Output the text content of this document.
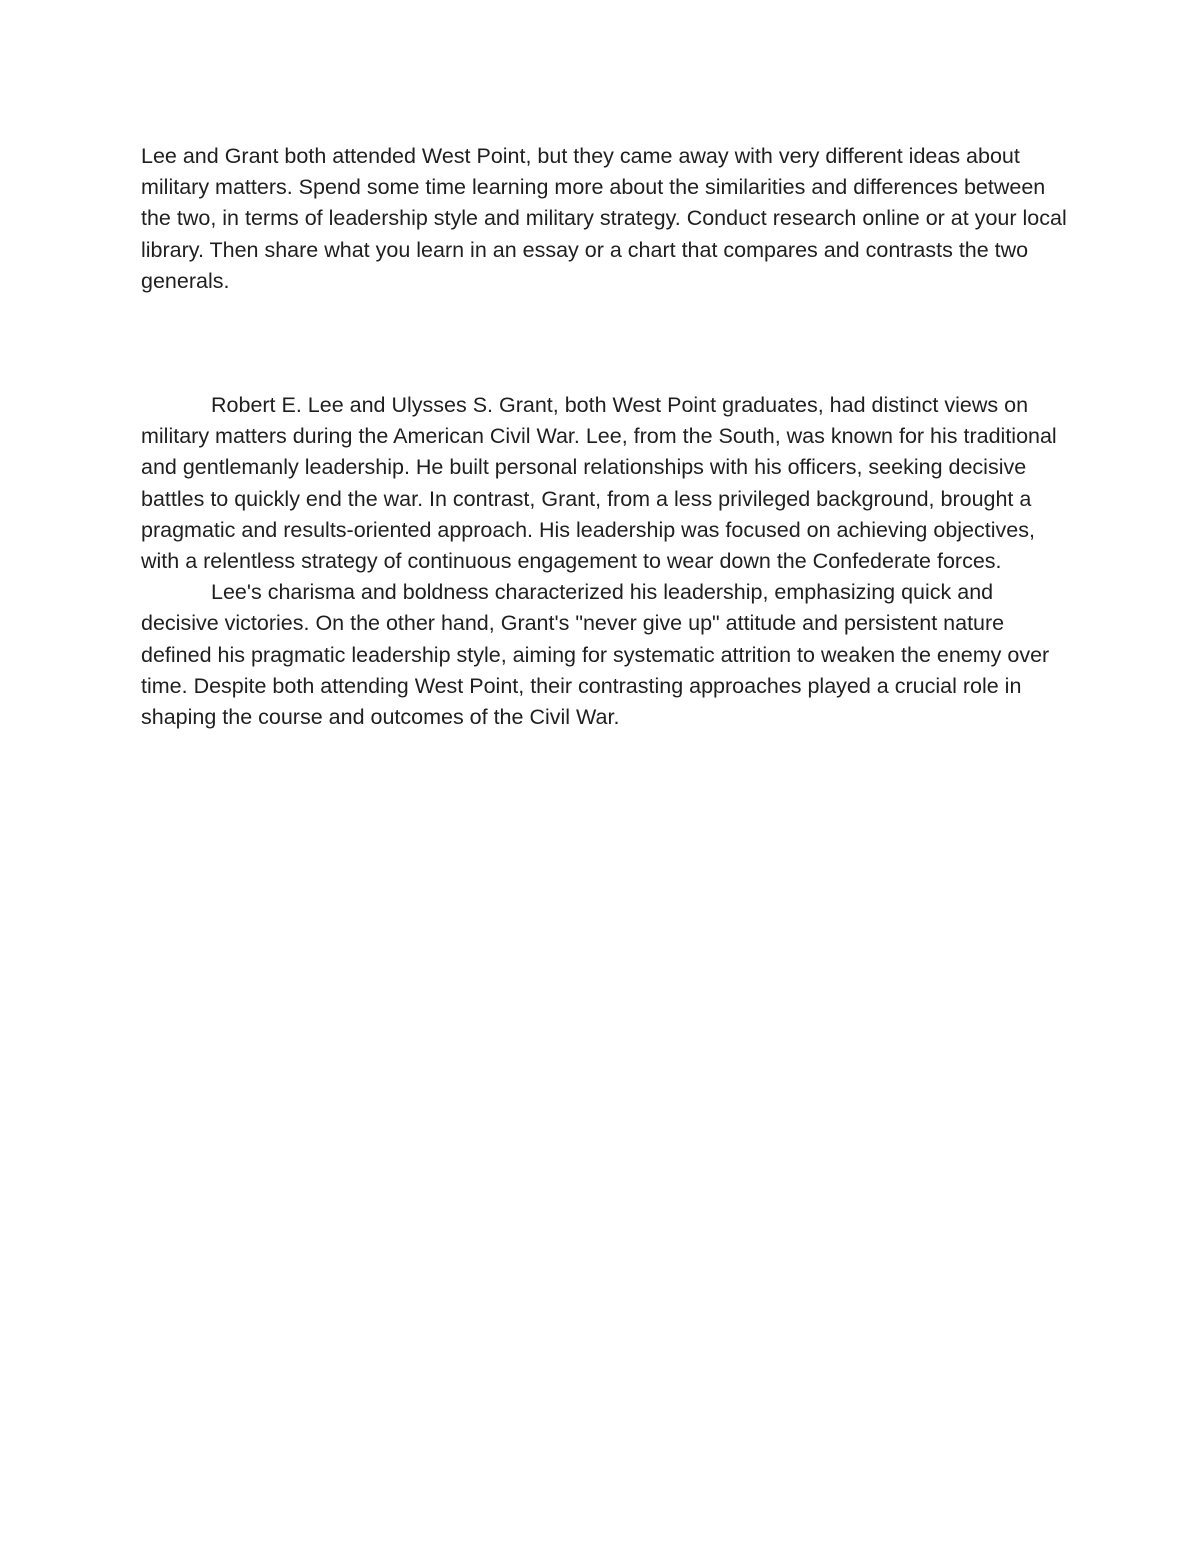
Lee and Grant both attended West Point, but they came away with very different ideas about military matters. Spend some time learning more about the similarities and differences between the two, in terms of leadership style and military strategy. Conduct research online or at your local library. Then share what you learn in an essay or a chart that compares and contrasts the two generals.

Robert E. Lee and Ulysses S. Grant, both West Point graduates, had distinct views on military matters during the American Civil War. Lee, from the South, was known for his traditional and gentlemanly leadership. He built personal relationships with his officers, seeking decisive battles to quickly end the war. In contrast, Grant, from a less privileged background, brought a pragmatic and results-oriented approach. His leadership was focused on achieving objectives, with a relentless strategy of continuous engagement to wear down the Confederate forces.

Lee's charisma and boldness characterized his leadership, emphasizing quick and decisive victories. On the other hand, Grant's "never give up" attitude and persistent nature defined his pragmatic leadership style, aiming for systematic attrition to weaken the enemy over time. Despite both attending West Point, their contrasting approaches played a crucial role in shaping the course and outcomes of the Civil War.
